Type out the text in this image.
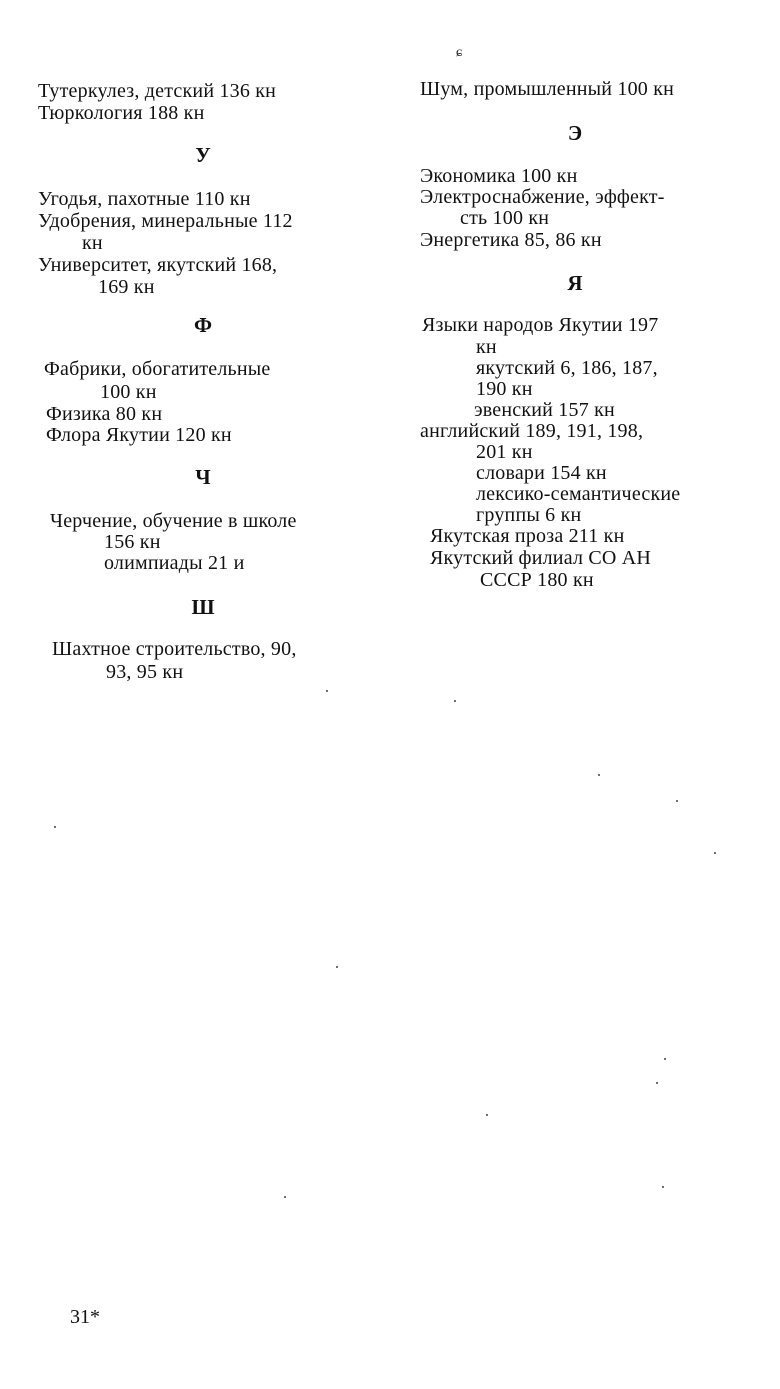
ɕ
Тутеркулез, детский 136 кн
Тюркология 188 кн
У
Угодья, пахотные 110 кн
Удобрения, минеральные 112
кн
Университет, якутский 168,
169 кн
Ф
Фабрики, обогатительные
100 кн
Физика 80 кн
Флора Якутии 120 кн
Ч
Черчение, обучение в школе
156 кн
олимпиады 21 и
Ш
Шахтное строительство, 90,
93, 95 кн
Шум, промышленный 100 кн
Э
Экономика 100 кн
Электроснабжение, эффект-
сть 100 кн
Энергетика 85, 86 кн
Я
Языки народов Якутии 197
кн
якутский 6, 186, 187,
190 кн
эвенский 157 кн
английский 189, 191, 198,
201 кн
словари 154 кн
лексико-семантические
группы 6 кн
Якутская проза 211 кн
Якутский филиал СО АН
СССР 180 кн
31*
